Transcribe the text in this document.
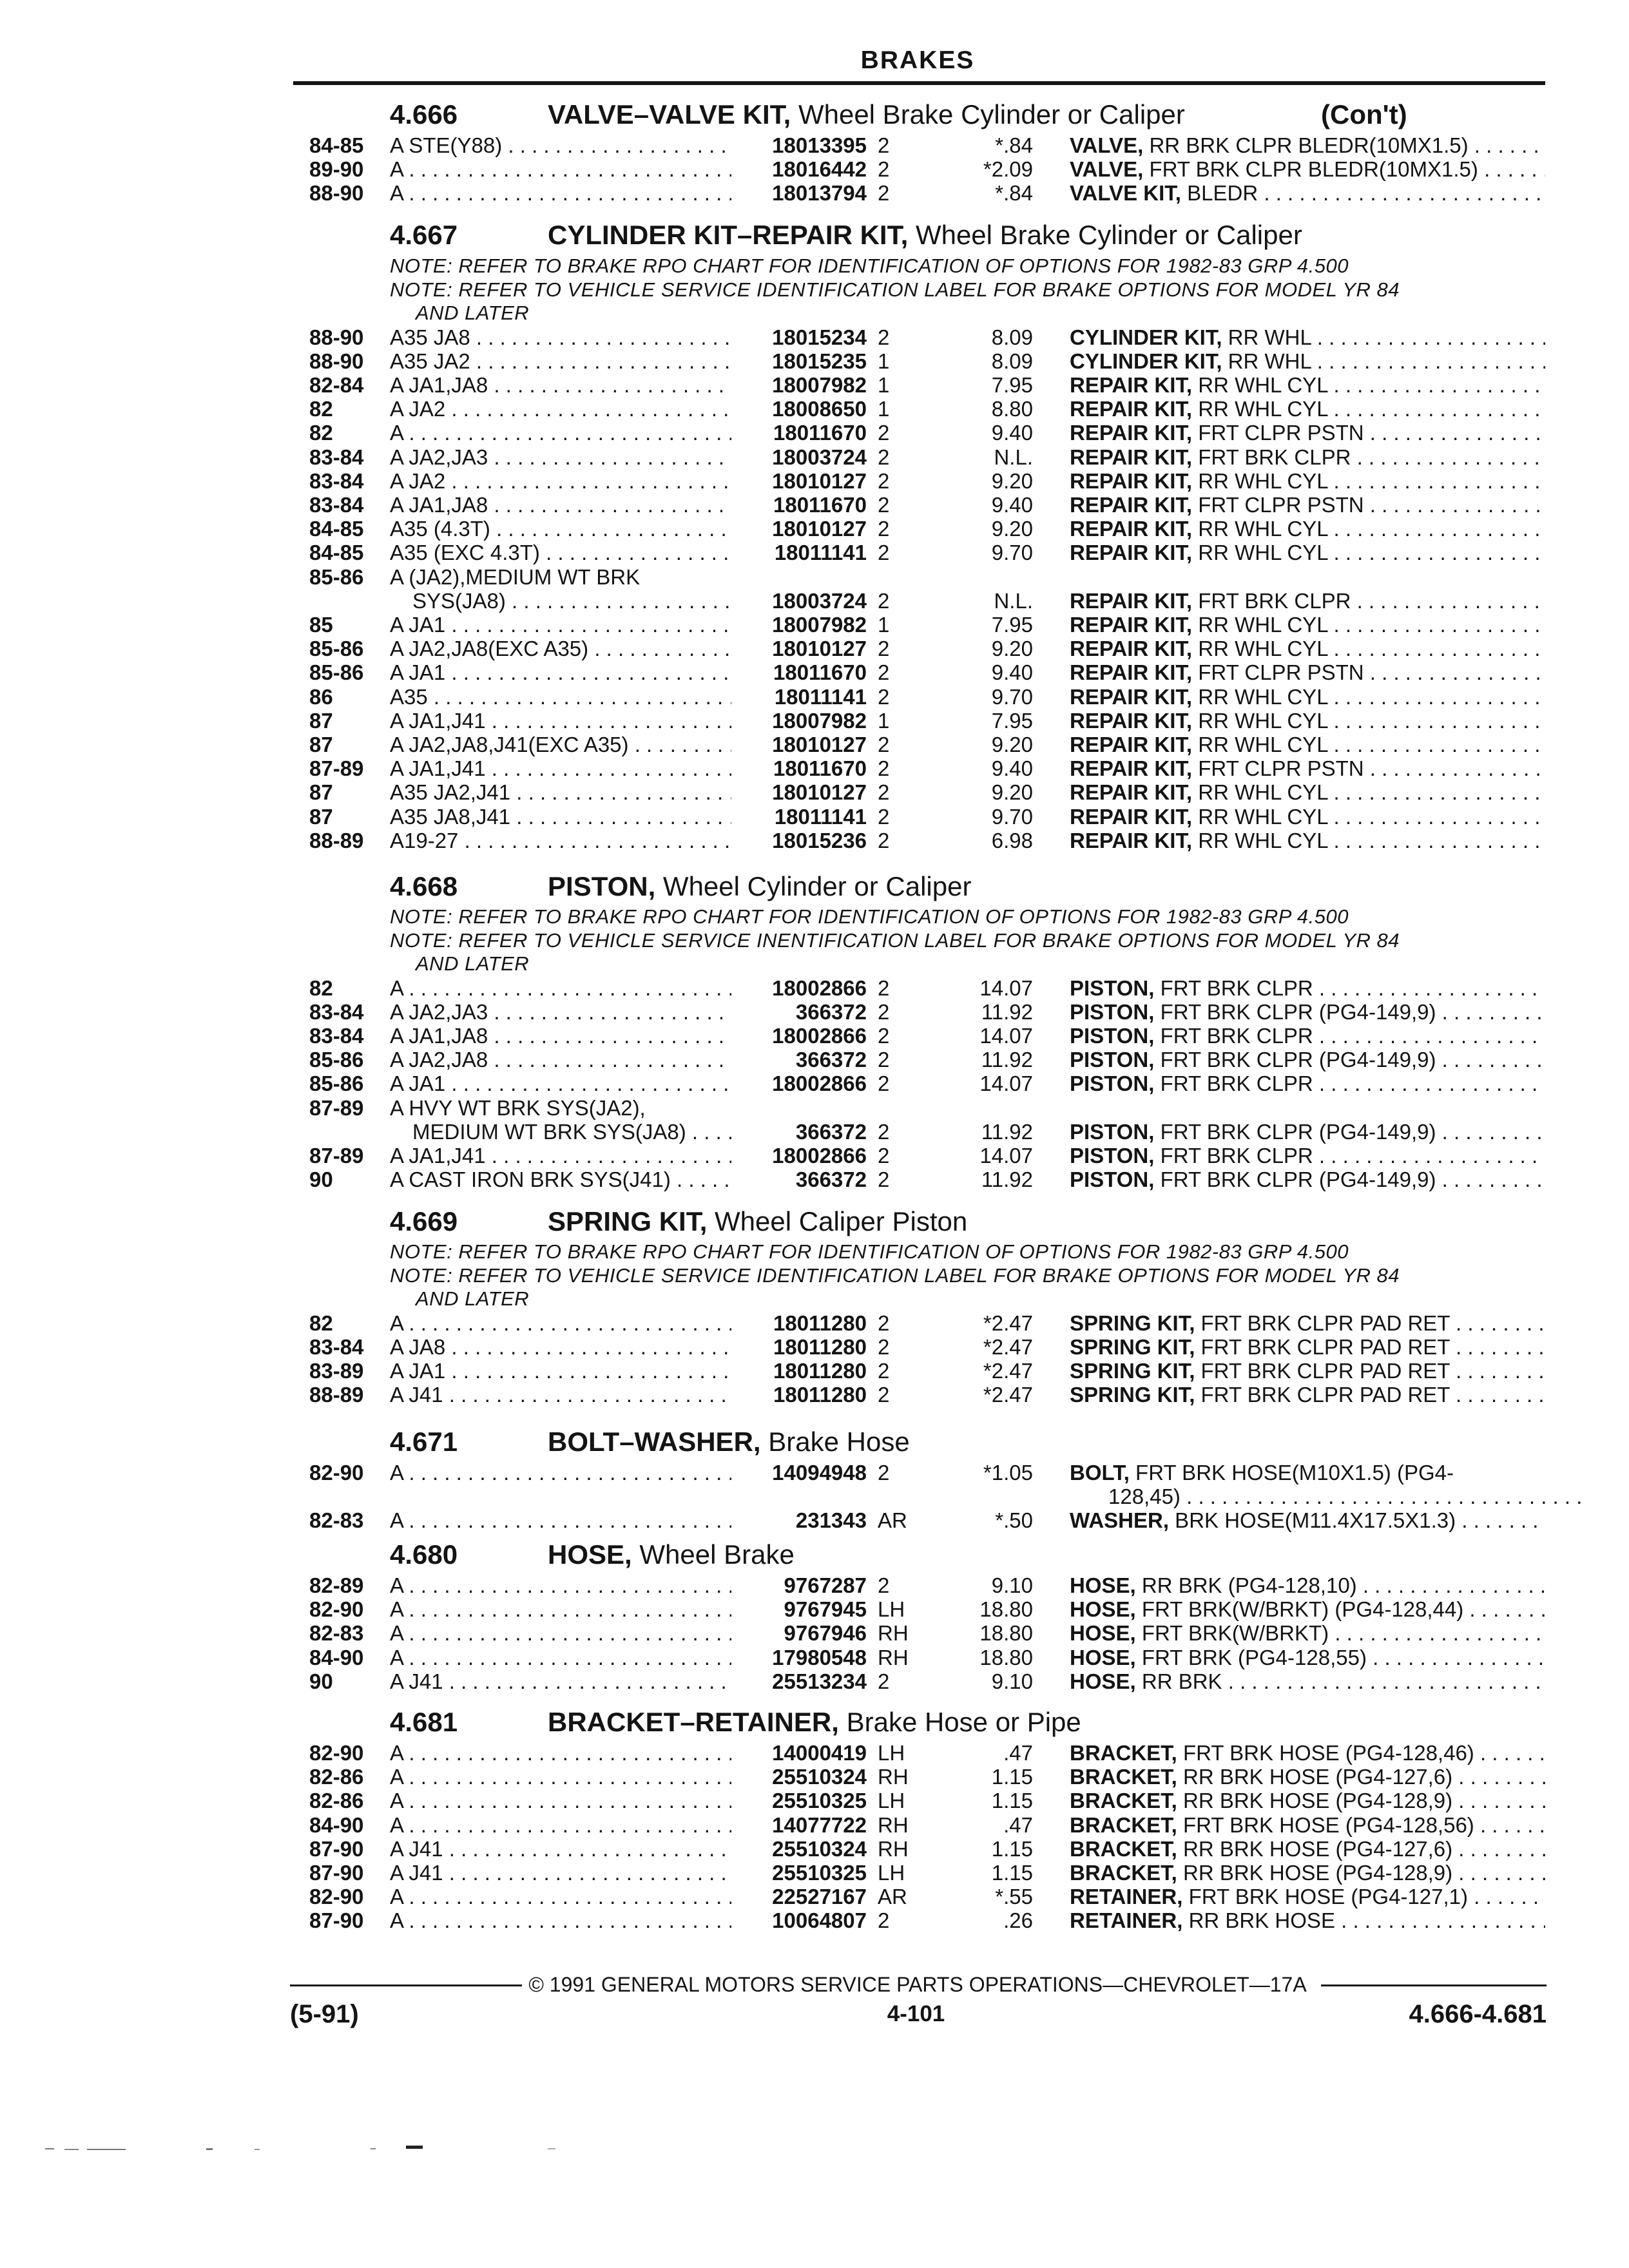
BRAKES
4.666	VALVE–VALVE KIT, Wheel Brake Cylinder or Caliper	(Con't)
84-85	A STE(Y88) . . .	18013395 2	*.84 VALVE, RR BRK CLPR BLEDR(10MX1.5) . . .
89-90	A . . .	18016442 2	*2.09 VALVE, FRT BRK CLPR BLEDR(10MX1.5) . . .
88-90	A . . .	18013794 2	*.84 VALVE KIT, BLEDR . . .
4.667	CYLINDER KIT–REPAIR KIT, Wheel Brake Cylinder or Caliper
NOTE: REFER TO BRAKE RPO CHART FOR IDENTIFICATION OF OPTIONS FOR 1982-83 GRP 4.500
NOTE: REFER TO VEHICLE SERVICE IDENTIFICATION LABEL FOR BRAKE OPTIONS FOR MODEL YR 84
AND LATER
88-90	A35 JA8 . . .	18015234 2	8.09 CYLINDER KIT, RR WHL . . .
88-90	A35 JA2 . . .	18015235 1	8.09 CYLINDER KIT, RR WHL . . .
82-84	A JA1,JA8 . . .	18007982 1	7.95 REPAIR KIT, RR WHL CYL . . .
82	A JA2 . . .	18008650 1	8.80 REPAIR KIT, RR WHL CYL . . .
82	A . . .	18011670 2	9.40 REPAIR KIT, FRT CLPR PSTN . . .
83-84	A JA2,JA3 . . .	18003724 2	N.L. REPAIR KIT, FRT BRK CLPR . . .
83-84	A JA2 . . .	18010127 2	9.20 REPAIR KIT, RR WHL CYL . . .
83-84	A JA1,JA8 . . .	18011670 2	9.40 REPAIR KIT, FRT CLPR PSTN . . .
84-85	A35 (4.3T) . . .	18010127 2	9.20 REPAIR KIT, RR WHL CYL . . .
84-85	A35 (EXC 4.3T) . . .	18011141 2	9.70 REPAIR KIT, RR WHL CYL . . .
85-86	A (JA2),MEDIUM WT BRK
SYS(JA8) . . .	18003724 2	N.L. REPAIR KIT, FRT BRK CLPR . . .
85	A JA1 . . .	18007982 1	7.95 REPAIR KIT, RR WHL CYL . . .
85-86	A JA2,JA8(EXC A35) . . .	18010127 2	9.20 REPAIR KIT, RR WHL CYL . . .
85-86	A JA1 . . .	18011670 2	9.40 REPAIR KIT, FRT CLPR PSTN . . .
86	A35 . . .	18011141 2	9.70 REPAIR KIT, RR WHL CYL . . .
87	A JA1,J41 . . .	18007982 1	7.95 REPAIR KIT, RR WHL CYL . . .
87	A JA2,JA8,J41(EXC A35) . . .	18010127 2	9.20 REPAIR KIT, RR WHL CYL . . .
87-89	A JA1,J41 . . .	18011670 2	9.40 REPAIR KIT, FRT CLPR PSTN . . .
87	A35 JA2,J41 . . .	18010127 2	9.20 REPAIR KIT, RR WHL CYL . . .
87	A35 JA8,J41 . . .	18011141 2	9.70 REPAIR KIT, RR WHL CYL . . .
88-89	A19-27 . . .	18015236 2	6.98 REPAIR KIT, RR WHL CYL . . .
4.668	PISTON, Wheel Cylinder or Caliper
NOTE: REFER TO BRAKE RPO CHART FOR IDENTIFICATION OF OPTIONS FOR 1982-83 GRP 4.500
NOTE: REFER TO VEHICLE SERVICE INENTIFICATION LABEL FOR BRAKE OPTIONS FOR MODEL YR 84
AND LATER
82	A . . .	18002866 2	14.07 PISTON, FRT BRK CLPR . . .
83-84	A JA2,JA3 . . .	366372 2	11.92 PISTON, FRT BRK CLPR (PG4-149,9) . . .
83-84	A JA1,JA8 . . .	18002866 2	14.07 PISTON, FRT BRK CLPR . . .
85-86	A JA2,JA8 . . .	366372 2	11.92 PISTON, FRT BRK CLPR (PG4-149,9) . . .
85-86	A JA1 . . .	18002866 2	14.07 PISTON, FRT BRK CLPR . . .
87-89	A HVY WT BRK SYS(JA2),
MEDIUM WT BRK SYS(JA8) . . .	366372 2	11.92 PISTON, FRT BRK CLPR (PG4-149,9) . . .
87-89	A JA1,J41 . . .	18002866 2	14.07 PISTON, FRT BRK CLPR . . .
90	A CAST IRON BRK SYS(J41) . . .	366372 2	11.92 PISTON, FRT BRK CLPR (PG4-149,9) . . .
4.669	SPRING KIT, Wheel Caliper Piston
NOTE: REFER TO BRAKE RPO CHART FOR IDENTIFICATION OF OPTIONS FOR 1982-83 GRP 4.500
NOTE: REFER TO VEHICLE SERVICE IDENTIFICATION LABEL FOR BRAKE OPTIONS FOR MODEL YR 84
AND LATER
82	A . . .	18011280 2	*2.47 SPRING KIT, FRT BRK CLPR PAD RET . . .
83-84	A JA8 . . .	18011280 2	*2.47 SPRING KIT, FRT BRK CLPR PAD RET . . .
83-89	A JA1 . . .	18011280 2	*2.47 SPRING KIT, FRT BRK CLPR PAD RET . . .
88-89	A J41 . . .	18011280 2	*2.47 SPRING KIT, FRT BRK CLPR PAD RET . . .
4.671	BOLT–WASHER, Brake Hose
82-90	A . . .	14094948 2	*1.05 BOLT, FRT BRK HOSE(M10X1.5) (PG4-
128,45) . . .
82-83	A . . .	231343 AR	*.50 WASHER, BRK HOSE(M11.4X17.5X1.3) . . .
4.680	HOSE, Wheel Brake
82-89	A . . .	9767287 2	9.10 HOSE, RR BRK (PG4-128,10) . . .
82-90	A . . .	9767945 LH	18.80 HOSE, FRT BRK(W/BRKT) (PG4-128,44) . . .
82-83	A . . .	9767946 RH	18.80 HOSE, FRT BRK(W/BRKT) . . .
84-90	A . . .	17980548 RH	18.80 HOSE, FRT BRK (PG4-128,55) . . .
90	A J41 . . .	25513234 2	9.10 HOSE, RR BRK . . .
4.681	BRACKET–RETAINER, Brake Hose or Pipe
82-90	A . . .	14000419 LH	.47 BRACKET, FRT BRK HOSE (PG4-128,46) . . .
82-86	A . . .	25510324 RH	1.15 BRACKET, RR BRK HOSE (PG4-127,6) . . .
82-86	A . . .	25510325 LH	1.15 BRACKET, RR BRK HOSE (PG4-128,9) . . .
84-90	A . . .	14077722 RH	.47 BRACKET, FRT BRK HOSE (PG4-128,56) . . .
87-90	A J41 . . .	25510324 RH	1.15 BRACKET, RR BRK HOSE (PG4-127,6) . . .
87-90	A J41 . . .	25510325 LH	1.15 BRACKET, RR BRK HOSE (PG4-128,9) . . .
82-90	A . . .	22527167 AR	*.55 RETAINER, FRT BRK HOSE (PG4-127,1) . . .
87-90	A . . .	10064807 2	.26 RETAINER, RR BRK HOSE . . .
© 1991 GENERAL MOTORS SERVICE PARTS OPERATIONS—CHEVROLET—17A
(5-91)	4-101	4.666-4.681
